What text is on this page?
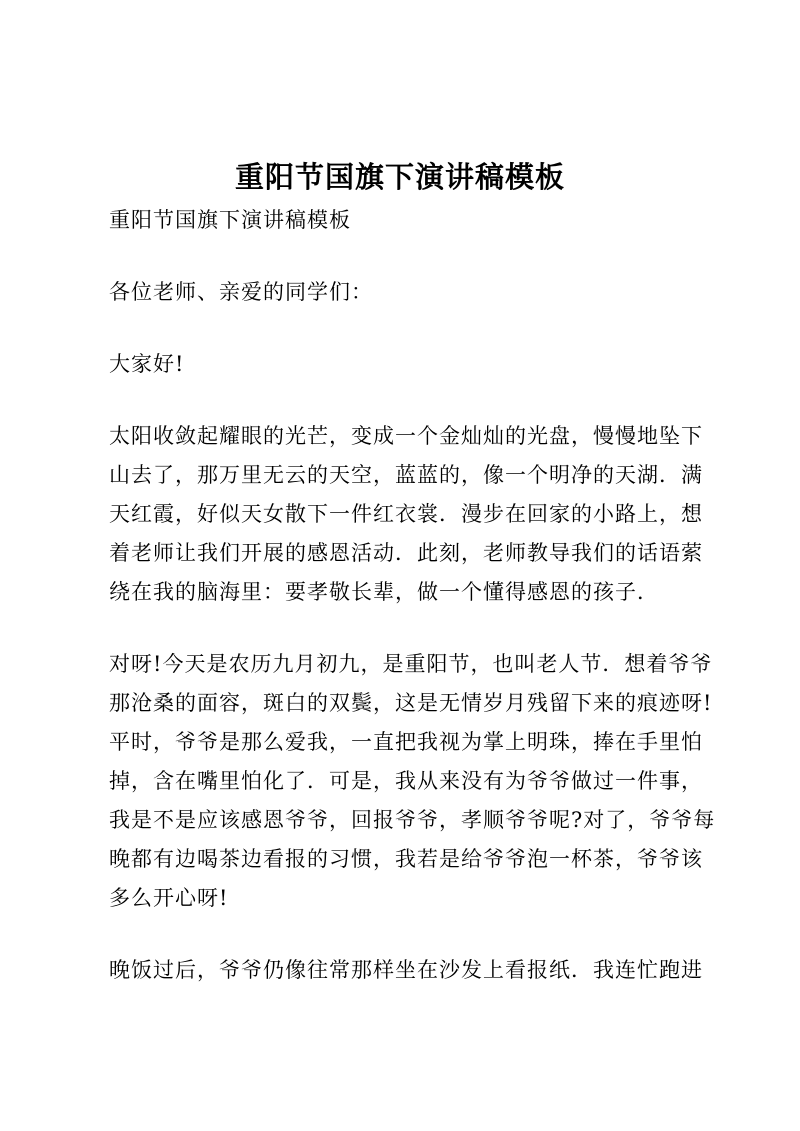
重阳节国旗下演讲稿模板
重阳节国旗下演讲稿模板
各位老师、亲爱的同学们：
大家好!
太阳收敛起耀眼的光芒，变成一个金灿灿的光盘，慢慢地坠下
山去了，那万里无云的天空，蓝蓝的，像一个明净的天湖．满
天红霞，好似天女散下一件红衣裳．漫步在回家的小路上，想
着老师让我们开展的感恩活动．此刻，老师教导我们的话语萦
绕在我的脑海里：要孝敬长辈，做一个懂得感恩的孩子．
对呀!今天是农历九月初九，是重阳节，也叫老人节．想着爷爷
那沧桑的面容，斑白的双鬓，这是无情岁月残留下来的痕迹呀!
平时，爷爷是那么爱我，一直把我视为掌上明珠，捧在手里怕
掉，含在嘴里怕化了．可是，我从来没有为爷爷做过一件事，
我是不是应该感恩爷爷，回报爷爷，孝顺爷爷呢?对了，爷爷每
晚都有边喝茶边看报的习惯，我若是给爷爷泡一杯茶，爷爷该
多么开心呀!
晚饭过后，爷爷仍像往常那样坐在沙发上看报纸．我连忙跑进
